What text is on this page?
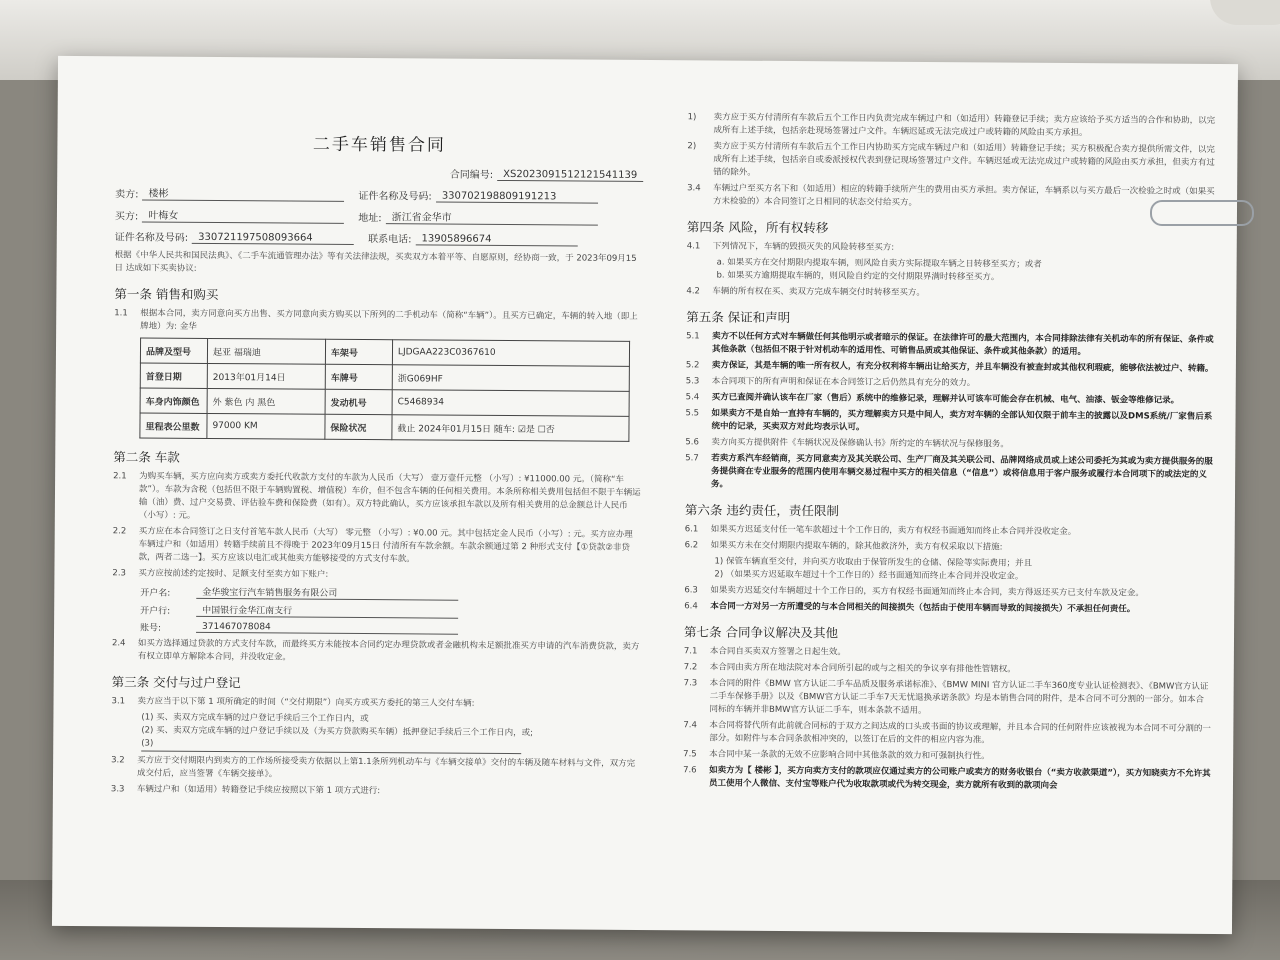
二手车销售合同
合同编号: XS2023091512121541139
卖方: 楼彬	证件名称及号码: 330702198809191213
买方: 叶梅女	地址: 浙江省金华市
证件名称及号码: 330721197508093664	联系电话: 13905896674
根据《中华人民共和国民法典》、《二手车流通管理办法》等有关法律法规，买卖双方本着平等、自愿原则，经协商一致，于 2023年09月15日 达成如下买卖协议:
第一条 销售和购买
1.1	根据本合同，卖方同意向买方出售、买方同意向卖方购买以下所列的二手机动车（简称“车辆”）。且买方已确定，车辆的转入地（即上牌地）为: 金华
品牌及型号	起亚 福瑞迪	车架号	LJDGAA223C0367610
首登日期	2013年01月14日	车牌号	浙G069HF
车身内饰颜色	外 紫色 内 黑色	发动机号	C5468934
里程表公里数	97000 KM	保险状况	截止 2024年01月15日 随车: ☑是 ☐否
第二条 车款
2.1	为购买车辆，买方应向卖方或卖方委托代收款方支付的车款为人民币（大写） 壹万壹仟元整 （小写）: ¥11000.00 元。（简称“车款”）。车款为含税（包括但不限于车辆购置税、增值税）车价，但不包含车辆的任何相关费用。本条所称相关费用包括但不限于车辆运输（油）费、过户交易费、评估验车费和保险费（如有）。双方特此确认，买方应该承担车款以及所有相关费用的总金额总计人民币（小写）: 元。
2.2	买方应在本合同签订之日支付首笔车款人民币（大写） 零元整 （小写）: ¥0.00 元。其中包括定金人民币（小写）: 元。买方应办理车辆过户和（如适用）转籍手续前且不得晚于 2023年09月15日 付清所有车款余额。车款余额通过第 2 种形式支付【①贷款②非贷款，两者二选一】。买方应该以电汇或其他卖方能够接受的方式支付车款。
2.3	买方应按前述约定按时、足额支付至卖方如下账户:
开户名:	金华骏宝行汽车销售服务有限公司
开户行:	中国银行金华江南支行
账号:	371467078084
2.4	如买方选择通过贷款的方式支付车款，而最终买方未能按本合同约定办理贷款或者金融机构未足额批准买方申请的汽车消费贷款，卖方有权立即单方解除本合同，并没收定金。
第三条 交付与过户登记
3.1	卖方应当于以下第 1 项所确定的时间（“交付期限”）向买方或买方委托的第三人交付车辆:
(1) 买、卖双方完成车辆的过户登记手续后三个工作日内，或
(2) 买、卖双方完成车辆的过户登记手续以及（为买方贷款购买车辆）抵押登记手续后三个工作日内，或;
(3)
3.2	买方应于交付期限内到卖方的工作场所接受卖方依据以上第1.1条所列机动车与《车辆交接单》交付的车辆及随车材料与文件，双方完成交付后，应当签署《车辆交接单》。
3.3	车辆过户和（如适用）转籍登记手续应按照以下第 1 项方式进行:
1)	卖方应于买方付清所有车款后五个工作日内负责完成车辆过户和（如适用）转籍登记手续；卖方应该给予买方适当的合作和协助，以完成所有上述手续，包括亲赴现场签署过户文件。车辆迟延或无法完成过户或转籍的风险由买方承担。
2)	卖方应于买方付清所有车款后五个工作日内协助买方完成车辆过户和（如适用）转籍登记手续；买方积极配合卖方提供所需文件，以完成所有上述手续，包括亲自或委派授权代表到登记现场签署过户文件。车辆迟延或无法完成过户或转籍的风险由买方承担，但卖方有过错的除外。
3.4	车辆过户至买方名下和（如适用）相应的转籍手续所产生的费用由买方承担。卖方保证，车辆系以与买方最后一次检验之时或（如果买方未检验的）本合同签订之日相同的状态交付给买方。
第四条 风险，所有权转移
4.1	下列情况下，车辆的毁损灭失的风险转移至买方:
a. 如果买方在交付期限内提取车辆，则风险自卖方实际提取车辆之日转移至买方；或者
b. 如果买方逾期提取车辆的，则风险自约定的交付期限界满时转移至买方。
4.2	车辆的所有权在买、卖双方完成车辆交付时转移至买方。
第五条 保证和声明
5.1	卖方不以任何方式对车辆做任何其他明示或者暗示的保证。在法律许可的最大范围内，本合同排除法律有关机动车的所有保证、条件或其他条款（包括但不限于针对机动车的适用性、可销售品质或其他保证、条件或其他条款）的适用。
5.2	卖方保证，其是车辆的唯一所有权人，有充分权利将车辆出让给买方，并且车辆没有被查封或其他权利瑕疵，能够依法被过户、转籍。
5.3	本合同项下的所有声明和保证在本合同签订之后仍然具有充分的效力。
5.4	买方已查阅并确认该车在厂家（售后）系统中的维修记录，理解并认可该车可能会存在机械、电气、油漆、钣金等维修记录。
5.5	如果卖方不是自始一直持有车辆的，买方理解卖方只是中间人，卖方对车辆的全部认知仅限于前车主的披露以及DMS系统/厂家售后系统中的记录，买卖双方对此均表示认可。
5.6	卖方向买方提供附件《车辆状况及保修确认书》所约定的车辆状况与保修服务。
5.7	若卖方系汽车经销商，买方同意卖方及其关联公司、生产厂商及其关联公司、品牌网络成员或上述公司委托为其或为卖方提供服务的服务提供商在专业服务的范围内使用车辆交易过程中买方的相关信息（“信息”）或将信息用于客户服务或履行本合同项下的或法定的义务。
第六条 违约责任，责任限制
6.1	如果买方迟延支付任一笔车款超过十个工作日的，卖方有权经书面通知而终止本合同并没收定金。
6.2	如果买方未在交付期限内提取车辆的，除其他救济外，卖方有权采取以下措施:
1) 保管车辆直至交付，并向买方收取由于保管所发生的仓储、保险等实际费用；并且
2) （如果买方迟延取车超过十个工作日的）经书面通知而终止本合同并没收定金。
6.3	如果卖方迟延交付车辆超过十个工作日的，买方有权经书面通知而终止本合同，卖方得返还买方已支付车款及定金。
6.4	本合同一方对另一方所遭受的与本合同相关的间接损失（包括由于使用车辆而导致的间接损失）不承担任何责任。
第七条 合同争议解决及其他
7.1	本合同自买卖双方签署之日起生效。
7.2	本合同由卖方所在地法院对本合同所引起的或与之相关的争议享有排他性管辖权。
7.3	本合同的附件《BMW 官方认证二手车品质及服务承诺标准》、《BMW MINI 官方认证二手车360度专业认证检测表》、《BMW官方认证二手车保修手册》以及《BMW官方认证二手车7天无忧退换承诺条款》均是本销售合同的附件，是本合同不可分割的一部分。如本合同标的车辆并非BMW官方认证二手车，则本条款不适用。
7.4	本合同将替代所有此前就合同标的于双方之间达成的口头或书面的协议或理解，并且本合同的任何附件应该被视为本合同不可分割的一部分。如附件与本合同条款相冲突的，以签订在后的文件的相应内容为准。
7.5	本合同中某一条款的无效不应影响合同中其他条款的效力和可强制执行性。
7.6	如卖方为【 楼彬 】，买方向卖方支付的款项应仅通过卖方的公司账户或卖方的财务收银台（“卖方收款渠道”），买方知晓卖方不允许其员工使用个人微信、支付宝等账户代为收取款项或代为转交现金，卖方就所有收到的款项向会
